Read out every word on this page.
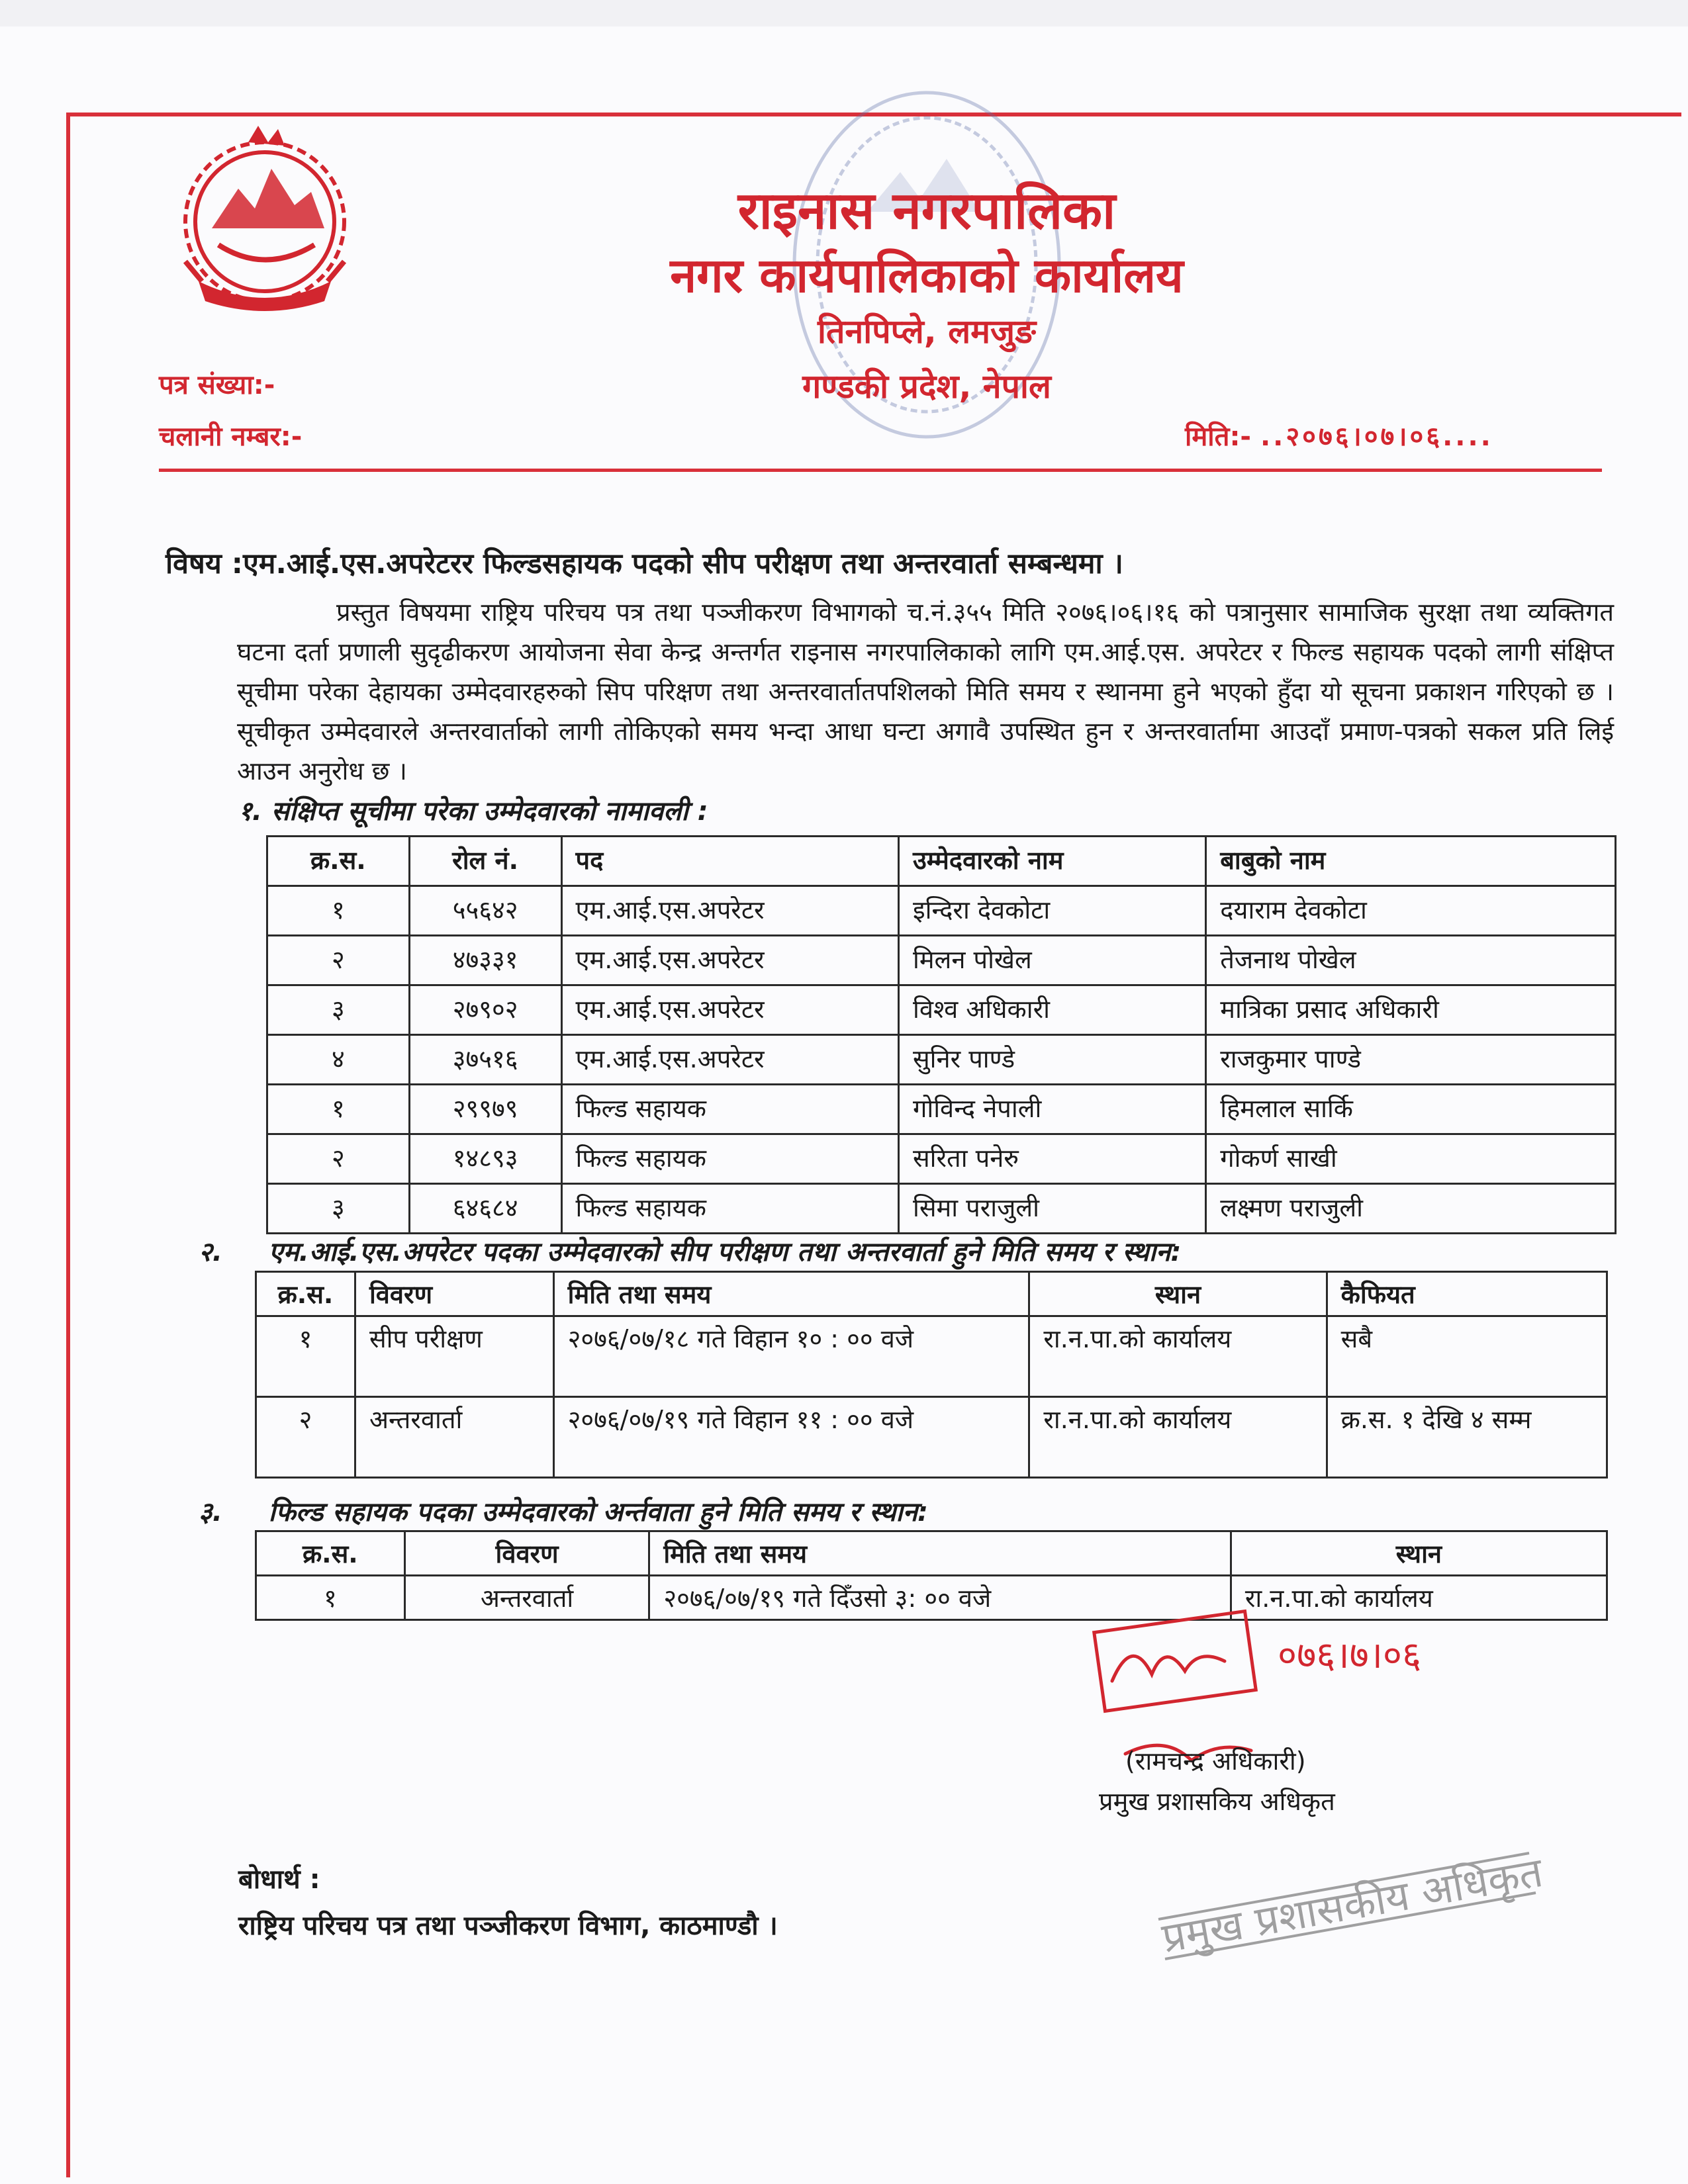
राइनास नगरपालिका
नगर कार्यपालिकाको कार्यालय
तिनपिप्ले, लमजुङ
गण्डकी प्रदेश, नेपाल
पत्र संख्या:-
चलानी नम्बर:-	मिति:- ..२०७६।०७।०६....
विषय :एम.आई.एस.अपरेटरर फिल्डसहायक पदको सीप परीक्षण तथा अन्तरवार्ता सम्बन्धमा ।
प्रस्तुत विषयमा राष्ट्रिय परिचय पत्र तथा पञ्जीकरण विभागको च.नं.३५५ मिति २०७६।०६।१६ को पत्रानुसार सामाजिक सुरक्षा तथा व्यक्तिगत घटना दर्ता प्रणाली सुदृढीकरण आयोजना सेवा केन्द्र अन्तर्गत राइनास नगरपालिकाको लागि एम.आई.एस. अपरेटर र फिल्ड सहायक पदको लागी संक्षिप्त सूचीमा परेका देहायका उम्मेदवारहरुको सिप परिक्षण तथा अन्तरवार्तातपशिलको मिति समय र स्थानमा हुने भएको हुँदा यो सूचना प्रकाशन गरिएको छ । सूचीकृत उम्मेदवारले अन्तरवार्ताको लागी तोकिएको समय भन्दा आधा घन्टा अगावै उपस्थित हुन र अन्तरवार्तामा आउदाँ प्रमाण-पत्रको सकल प्रति लिई आउन अनुरोध छ ।
१. संक्षिप्त सूचीमा परेका उम्मेदवारको नामावली :
क्र.स.	रोल नं.	पद	उम्मेदवारको नाम	बाबुको नाम
१	५५६४२	एम.आई.एस.अपरेटर	इन्दिरा देवकोटा	दयाराम देवकोटा
२	४७३३१	एम.आई.एस.अपरेटर	मिलन पोखेल	तेजनाथ पोखेल
३	२७९०२	एम.आई.एस.अपरेटर	विश्व अधिकारी	मात्रिका प्रसाद अधिकारी
४	३७५१६	एम.आई.एस.अपरेटर	सुनिर पाण्डे	राजकुमार पाण्डे
१	२९९७९	फिल्ड सहायक	गोविन्द नेपाली	हिमलाल सार्कि
२	१४८९३	फिल्ड सहायक	सरिता पनेरु	गोकर्ण साखी
३	६४६८४	फिल्ड सहायक	सिमा पराजुली	लक्ष्मण पराजुली
२. एम.आई.एस.अपरेटर पदका उम्मेदवारको सीप परीक्षण तथा अन्तरवार्ता हुने मिति समय र स्थान:
क्र.स.	विवरण	मिति तथा समय	स्थान	कैफियत
१	सीप परीक्षण	२०७६/०७/१८ गते विहान १० : ०० वजे	रा.न.पा.को कार्यालय	सबै
२	अन्तरवार्ता	२०७६/०७/१९ गते विहान ११ : ०० वजे	रा.न.पा.को कार्यालय	क्र.स. १ देखि ४ सम्म
३. फिल्ड सहायक पदका उम्मेदवारको अर्न्तवाता हुने मिति समय र स्थान:
क्र.स.	विवरण	मिति तथा समय	स्थान
१	अन्तरवार्ता	२०७६/०७/१९ गते दिँउसो ३: ०० वजे	रा.न.पा.को कार्यालय
०७६।७।०६
प्रमुख प्रशासकीय अधिकृत
(रामचन्द्र अधिकारी)
प्रमुख प्रशासकिय अधिकृत
बोधार्थ :
राष्ट्रिय परिचय पत्र तथा पञ्जीकरण विभाग, काठमाण्डौ ।
